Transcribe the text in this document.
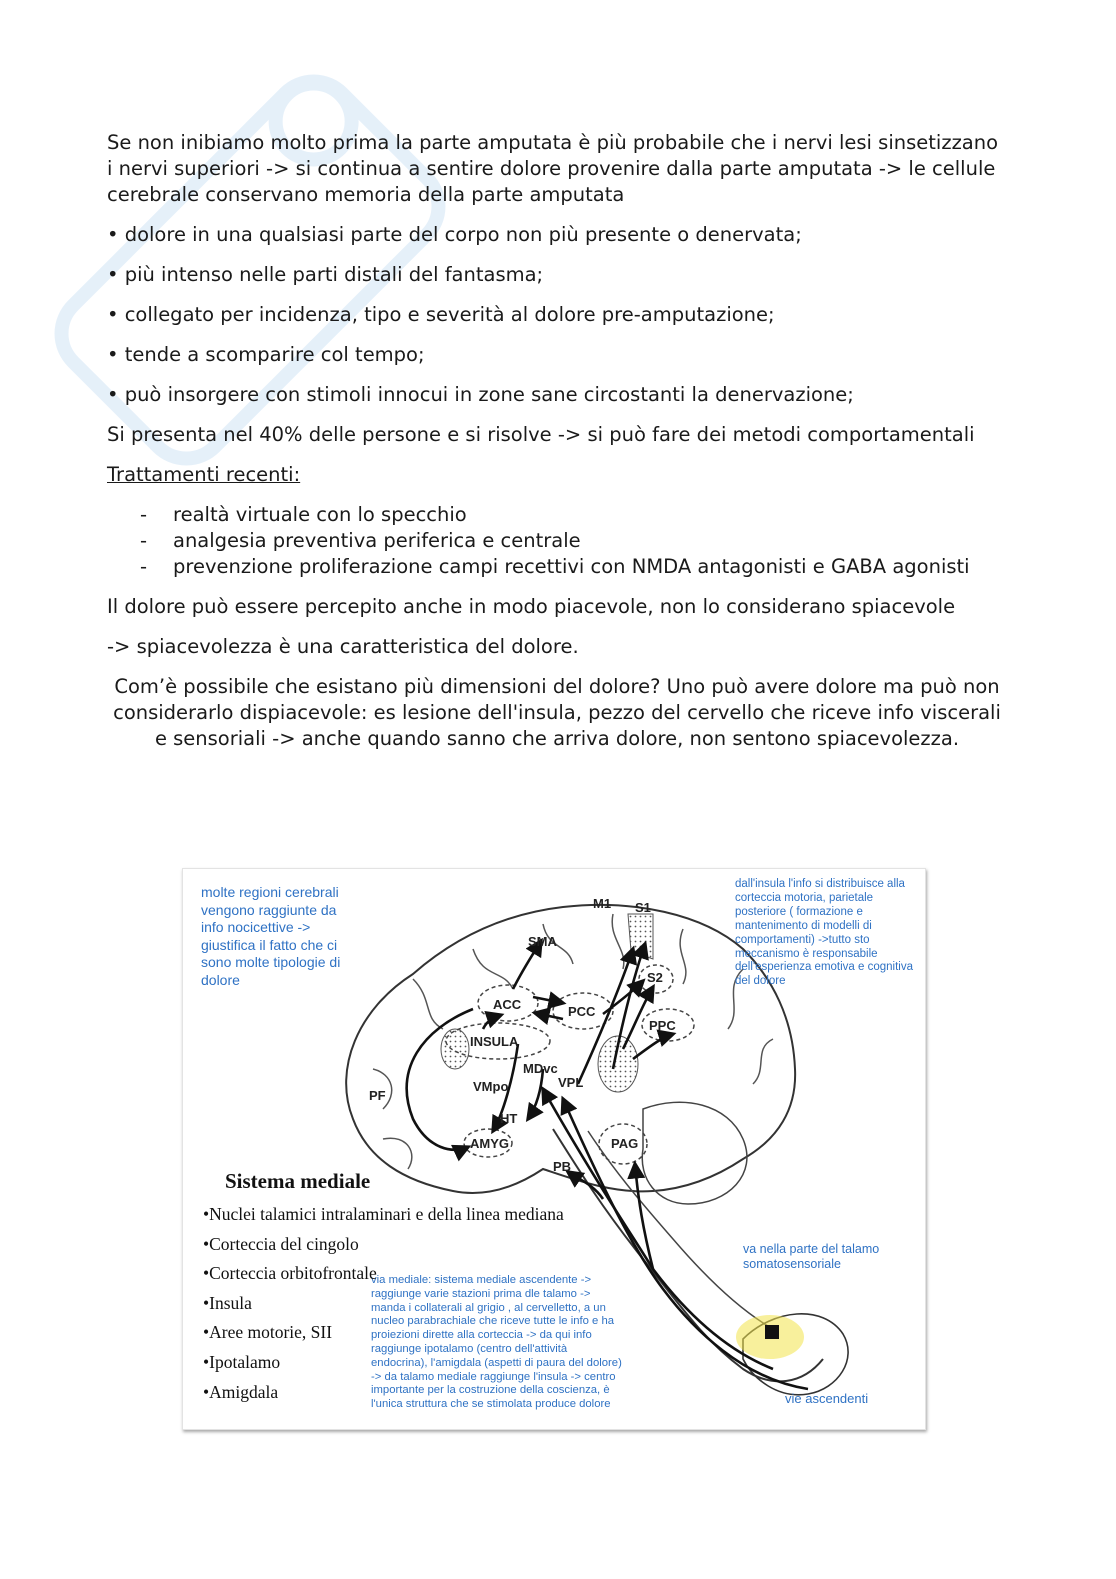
Se non inibiamo molto prima la parte amputata è più probabile che i nervi lesi sinsetizzano i nervi superiori -> si continua a sentire dolore provenire dalla parte amputata -> le cellule cerebrale conservano memoria della parte amputata

• dolore in una qualsiasi parte del corpo non più presente o denervata;

• più intenso nelle parti distali del fantasma;

• collegato per incidenza, tipo e severità al dolore pre-amputazione;

• tende a scomparire col tempo;

• può insorgere con stimoli innocui in zone sane circostanti la denervazione;

Si presenta nel 40% delle persone e si risolve -> si può fare dei metodi comportamentali

Trattamenti recenti:

- realtà virtuale con lo specchio
- analgesia preventiva periferica e centrale
- prevenzione proliferazione campi recettivi con NMDA antagonisti e GABA agonisti

Il dolore può essere percepito anche in modo piacevole, non lo considerano spiacevole

-> spiacevolezza è una caratteristica del dolore.

Com’è possibile che esistano più dimensioni del dolore? Uno può avere dolore ma può non considerarlo dispiacevole: es lesione dell'insula, pezzo del cervello che riceve info viscerali e sensoriali -> anche quando sanno che arriva dolore, non sentono spiacevolezza.

molte regioni cerebrali vengono raggiunte da info nocicettive -> giustifica il fatto che ci sono molte tipologie di dolore
dall'insula l'info si distribuisce alla corteccia motoria, parietale posteriore ( formazione e mantenimento di modelli di comportamenti) ->tutto sto meccanismo è responsabile dell'esperienza emotiva e cognitiva del dolore
va nella parte del talamo somatosensoriale
via mediale: sistema mediale ascendente -> raggiunge varie stazioni prima dle talamo -> manda i collaterali al grigio , al cervelletto, a un nucleo parabrachiale che riceve tutte le info e ha proiezioni dirette alla corteccia -> da qui info raggiunge ipotalamo (centro dell'attività endocrina), l'amigdala (aspetti di paura del dolore) -> da talamo mediale raggiunge l'insula -> centro importante per la costruzione della coscienza, è l'unica struttura che se stimolata produce dolore	vie ascendenti
M1 S1
SMA
S2
ACC	PCC
PPC
INSULA
MDvc
VMpo	VPL
PF
HT
AMYG	PAG
PB
Sistema mediale
•Nuclei talamici intralaminari e della linea mediana
•Corteccia del cingolo
•Corteccia orbitofrontale
•Insula
•Aree motorie, SII
•Ipotalamo
•Amigdala
